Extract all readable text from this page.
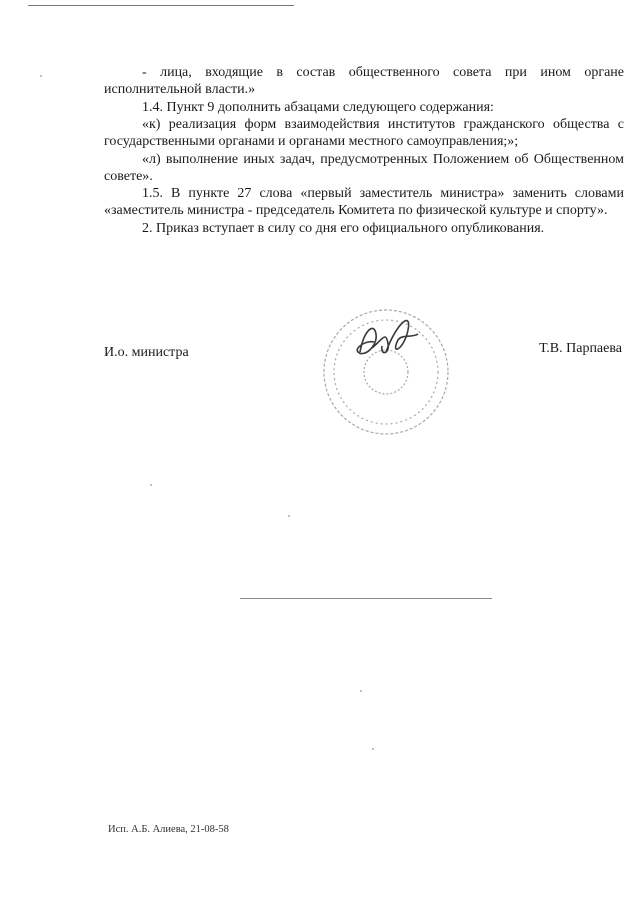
- лица, входящие в состав общественного совета при ином органе исполнительной власти.»

1.4. Пункт 9 дополнить абзацами следующего содержания:

«к) реализация форм взаимодействия институтов гражданского общества с государственными органами и органами местного самоуправления;»;

«л) выполнение иных задач, предусмотренных Положением об Общественном совете».

1.5. В пункте 27 слова «первый заместитель министра» заменить словами «заместитель министра - председатель Комитета по физической культуре и спорту».

2. Приказ вступает в силу со дня его официального опубликования.

И.о. министра	Т.В. Парпаева
Исп. А.Б. Алиева, 21-08-58
